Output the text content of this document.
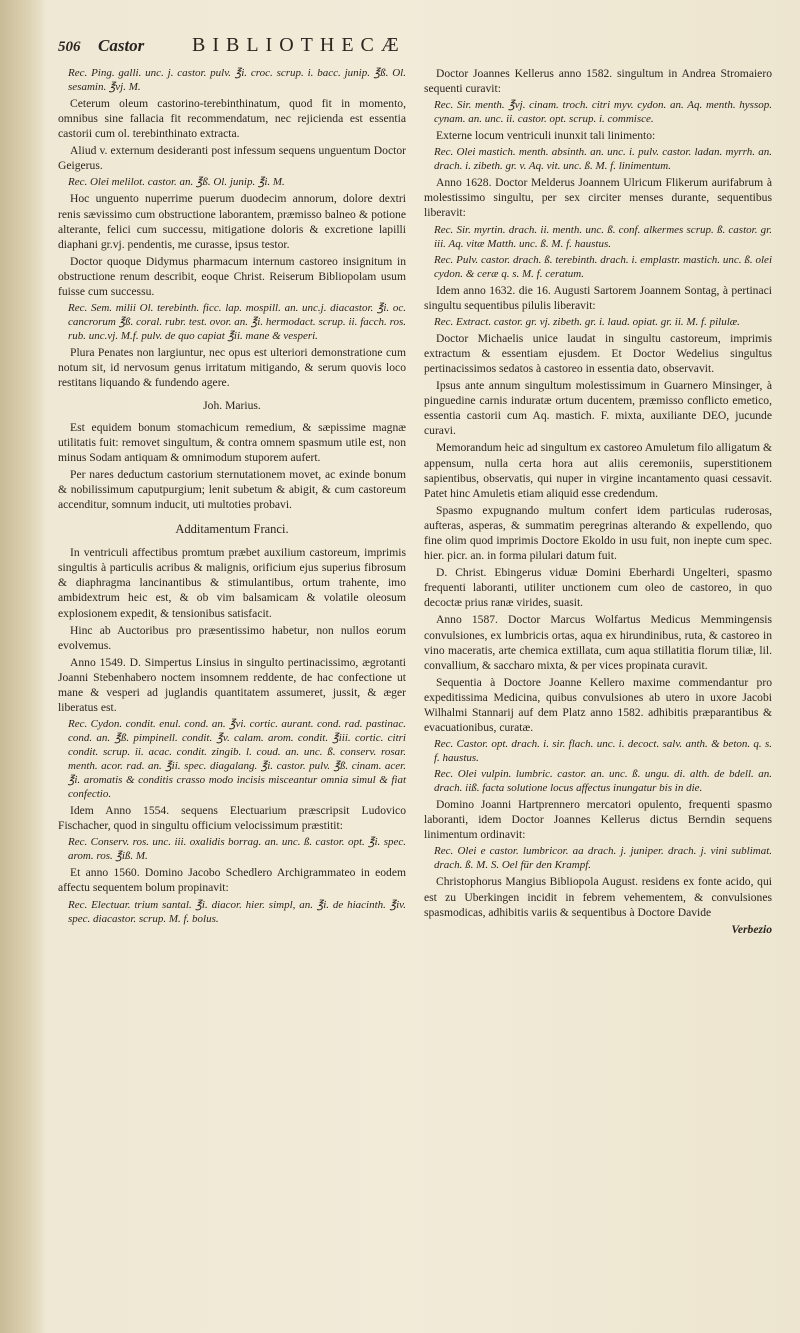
506	Castor	BIBLIOTHECÆ

Rec. Ping. galli. unc. j. castor. pulv. ℥i. croc. scrup. i. bacc. junip. ℥ß. Ol. sesamin. ℥vj. M.

Ceterum oleum castorino-terebinthinatum, quod fit in momento, omnibus sine fallacia fit recommendatum, nec rejicienda est essentia castorii cum ol. terebinthinato extracta.

Aliud v. externum desideranti post infessum sequens unguentum Doctor Geigerus.

Rec. Olei melilot. castor. an. ℥ß. Ol. junip. ℥i. M.

Hoc unguento nuperrime puerum duodecim annorum, dolore dextri renis sævissimo cum obstructione laborantem, præmisso balneo & potione alterante, felici cum successu, mitigatione doloris & excretione lapilli diaphani gr.vj. pendentis, me curasse, ipsus testor.

Doctor quoque Didymus pharmacum internum castoreo insignitum in obstructione renum describit, eoque Christ. Reiserum Bibliopolam usum fuisse cum successu.

Rec. Sem. milii Ol. terebinth. ficc. lap. mospill. an. unc.j. diacastor. ℥i. oc. cancrorum ℥ß. coral. rubr. test. ovor. an. ℥i. hermodact. scrup. ii. facch. ros. rub. unc.vj. M.f. pulv. de quo capiat ℥ii. mane & vesperi.

Plura Penates non largiuntur, nec opus est ulteriori demonstratione cum notum sit, id nervosum genus irritatum mitigando, & serum quovis loco restitans liquando & fundendo agere.

Joh. Marius.

Est equidem bonum stomachicum remedium, & sæpissime magnæ utilitatis fuit: removet singultum, & contra omnem spasmum utile est, non minus Sodam antiquam & omnimodum stuporem aufert.

Per nares deductum castorium sternutationem movet, ac exinde bonum & nobilissimum caputpurgium; lenit subetum & abigit, & cum castoreum accenditur, somnum inducit, uti multoties probavi.

Additamentum Franci.

In ventriculi affectibus promtum præbet auxilium castoreum, imprimis singultis à particulis acribus & malignis, orificium ejus superius fibrosum & diaphragma lancinantibus & stimulantibus, ortum trahente, imo ambidextrum heic est, & ob vim balsamicam & volatile oleosum explosionem expedit, & tensionibus satisfacit.

Hinc ab Auctoribus pro præsentissimo habetur, non nullos eorum evolvemus.

Anno 1549. D. Simpertus Linsius in singulto pertinacissimo, ægrotanti Joanni Stebenhabero noctem insomnem reddente, de hac confectione ut mane & vesperi ad juglandis quantitatem assumeret, jussit, & æger liberatus est.

Rec. Cydon. condit. enul. cond. an. ℥vi. cortic. aurant. cond. rad. pastinac. cond. an. ℥ß. pimpinell. condit. ℥v. calam. arom. condit. ℥iii. cortic. citri condit. scrup. ii. acac. condit. zingib. l. coud. an. unc. ß. conserv. rosar. menth. acor. rad. an. ℥ii. spec. diagalang. ℥i. castor. pulv. ℥ß. cinam. acer. ℥i. aromatis & conditis crasso modo incisis misceantur omnia simul & fiat confectio.

Idem Anno 1554. sequens Electuarium præscripsit Ludovico Fischacher, quod in singultu officium velocissimum præstitit:

Rec. Conserv. ros. unc. iii. oxalidis borrag. an. unc. ß. castor. opt. ℥i. spec. arom. ros. ℥iß. M.

Et anno 1560. Domino Jacobo Schedlero Archigrammateo in eodem affectu sequentem bolum propinavit:

Rec. Electuar. trium santal. ℥i. diacor. hier. simpl, an. ℥i. de hiacinth. ℥iv. spec. diacastor. scrup. M. f. bolus.

Doctor Joannes Kellerus anno 1582. singultum in Andrea Stromaiero sequenti curavit:

Rec. Sir. menth. ℥vj. cinam. troch. citri myv. cydon. an. Aq. menth. hyssop. cynam. an. unc. ii. castor. opt. scrup. i. commisce.

Externe locum ventriculi inunxit tali linimento:

Rec. Olei mastich. menth. absinth. an. unc. i. pulv. castor. ladan. myrrh. an. drach. i. zibeth. gr. v. Aq. vit. unc. ß. M. f. linimentum.

Anno 1628. Doctor Melderus Joannem Ulricum Flikerum aurifabrum à molestissimo singultu, per sex circiter menses durante, sequentibus liberavit:

Rec. Sir. myrtin. drach. ii. menth. unc. ß. conf. alkermes scrup. ß. castor. gr. iii. Aq. vitæ Matth. unc. ß. M. f. haustus.

Rec. Pulv. castor. drach. ß. terebinth. drach. i. emplastr. mastich. unc. ß. olei cydon. & ceræ q. s. M. f. ceratum.

Idem anno 1632. die 16. Augusti Sartorem Joannem Sontag, à pertinaci singultu sequentibus pilulis liberavit:

Rec. Extract. castor. gr. vj. zibeth. gr. i. laud. opiat. gr. ii. M. f. pilulæ.

Doctor Michaelis unice laudat in singultu castoreum, imprimis extractum & essentiam ejusdem. Et Doctor Wedelius singultus pertinacissimos sedatos à castoreo in essentia dato, observavit.

Ipsus ante annum singultum molestissimum in Guarnero Minsinger, à pinguedine carnis induratæ ortum ducentem, præmisso conflicto emetico, essentia castorii cum Aq. mastich. F. mixta, auxiliante DEO, jucunde curavi.

Memorandum heic ad singultum ex castoreo Amuletum filo alligatum & appensum, nulla certa hora aut aliis ceremoniis, superstitionem sapientibus, observatis, qui nuper in virgine incantamento quasi cessavit. Patet hinc Amuletis etiam aliquid esse credendum.

Spasmo expugnando multum confert idem particulas ruderosas, aufteras, asperas, & summatim peregrinas alterando & expellendo, quo fine olim quod imprimis Doctore Ekoldo in usu fuit, non inepte cum spec. hier. picr. an. in forma pilulari datum fuit.

D. Christ. Ebingerus viduæ Domini Eberhardi Ungelteri, spasmo frequenti laboranti, utiliter unctionem cum oleo de castoreo, in quo decoctæ prius ranæ virides, suasit.

Anno 1587. Doctor Marcus Wolfartus Medicus Memmingensis convulsiones, ex lumbricis ortas, aqua ex hirundinibus, ruta, & castoreo in vino maceratis, arte chemica extillata, cum aqua stillatitia florum tiliæ, lil. convallium, & saccharo mixta, & per vices propinata curavit.

Sequentia à Doctore Joanne Kellero maxime commendantur pro expeditissima Medicina, quibus convulsiones ab utero in uxore Jacobi Wilhalmi Stannarij auf dem Platz anno 1582. adhibitis præparantibus & evacuationibus, curatæ.

Rec. Castor. opt. drach. i. sir. flach. unc. i. decoct. salv. anth. & beton. q. s. f. haustus.

Rec. Olei vulpin. lumbric. castor. an. unc. ß. ungu. di. alth. de bdell. an. drach. iiß. facta solutione locus affectus inungatur bis in die.

Domino Joanni Hartprennero mercatori opulento, frequenti spasmo laboranti, idem Doctor Joannes Kellerus dictus Berndin sequens linimentum ordinavit:

Rec. Olei e castor. lumbricor. aa drach. j. juniper. drach. j. vini sublimat. drach. ß. M. S. Oel für den Krampf.

Christophorus Mangius Bibliopola August. residens ex fonte acido, qui est zu Uberkingen incidit in febrem vehementem, & convulsiones spasmodicas, adhibitis variis & sequentibus à Doctore Davide

Verbezio
